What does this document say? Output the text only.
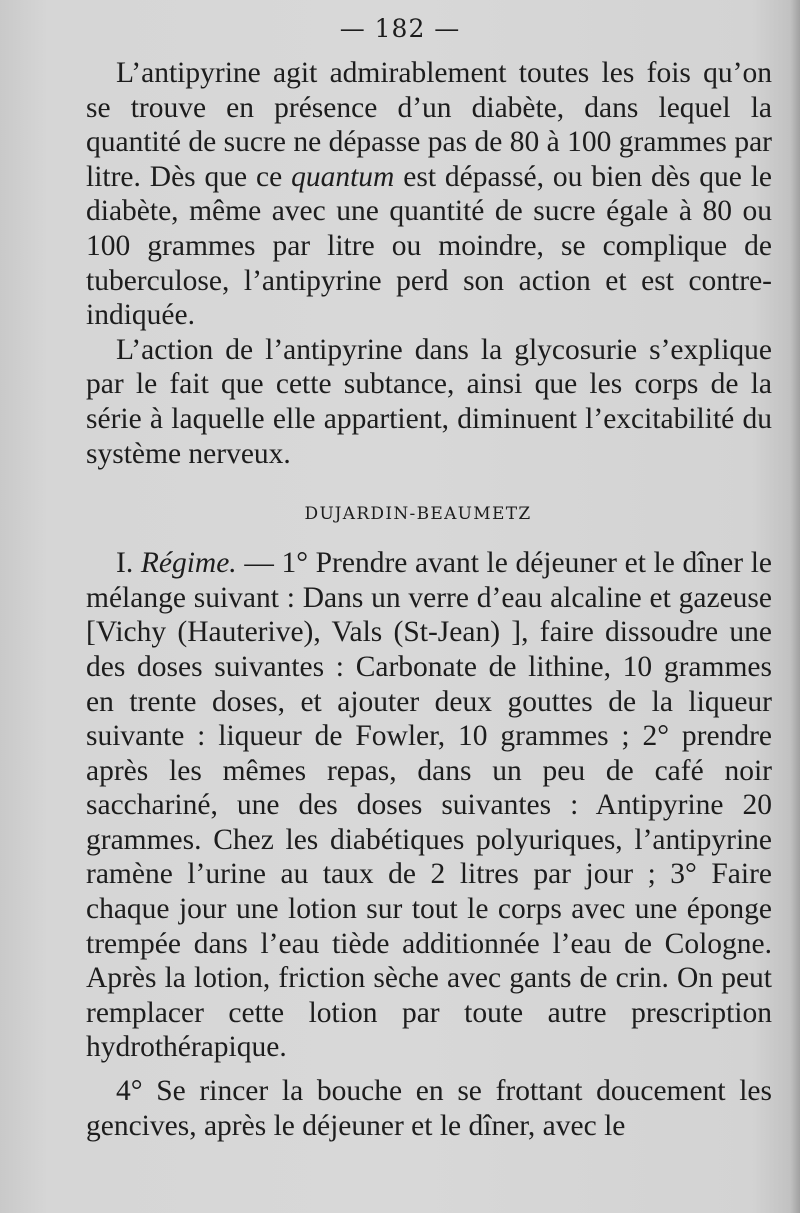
— 182 —

L’antipyrine agit admirablement toutes les fois qu’on se trouve en présence d’un diabète, dans lequel la quantité de sucre ne dépasse pas de 80 à 100 grammes par litre. Dès que ce quantum est dépassé, ou bien dès que le diabète, même avec une quantité de sucre égale à 80 ou 100 grammes par litre ou moindre, se complique de tuberculose, l’antipyrine perd son action et est contre-indiquée.

L’action de l’antipyrine dans la glycosurie s’explique par le fait que cette subtance, ainsi que les corps de la série à laquelle elle appartient, diminuent l’excitabilité du système nerveux.

DUJARDIN-BEAUMETZ

I. Régime. — 1° Prendre avant le déjeuner et le dîner le mélange suivant : Dans un verre d’eau alcaline et gazeuse [Vichy (Hauterive), Vals (St-Jean) ], faire dissoudre une des doses suivantes : Carbonate de lithine, 10 grammes en trente doses, et ajouter deux gouttes de la liqueur suivante : liqueur de Fowler, 10 grammes ; 2° prendre après les mêmes repas, dans un peu de café noir sacchariné, une des doses suivantes : Antipyrine 20 grammes. Chez les diabétiques polyuriques, l’antipyrine ramène l’urine au taux de 2 litres par jour ; 3° Faire chaque jour une lotion sur tout le corps avec une éponge trempée dans l’eau tiède additionnée l’eau de Cologne. Après la lotion, friction sèche avec gants de crin. On peut remplacer cette lotion par toute autre prescription hydrothérapique.

4° Se rincer la bouche en se frottant doucement les gencives, après le déjeuner et le dîner, avec le
